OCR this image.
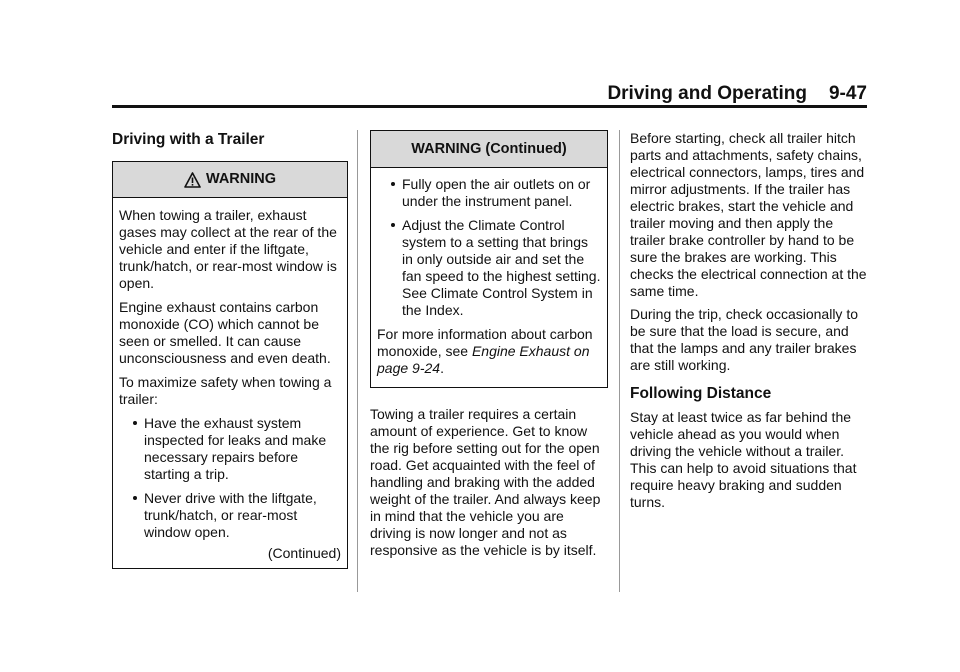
Driving and Operating 9-47
Driving with a Trailer
WARNING

When towing a trailer, exhaust gases may collect at the rear of the vehicle and enter if the liftgate, trunk/hatch, or rear-most window is open.

Engine exhaust contains carbon monoxide (CO) which cannot be seen or smelled. It can cause unconsciousness and even death.

To maximize safety when towing a trailer:

Have the exhaust system inspected for leaks and make necessary repairs before starting a trip.
Never drive with the liftgate, trunk/hatch, or rear-most window open.
(Continued)
WARNING (Continued)
Fully open the air outlets on or under the instrument panel.
Adjust the Climate Control system to a setting that brings in only outside air and set the fan speed to the highest setting. See Climate Control System in the Index.

For more information about carbon monoxide, see Engine Exhaust on page 9-24.

Towing a trailer requires a certain amount of experience. Get to know the rig before setting out for the open road. Get acquainted with the feel of handling and braking with the added weight of the trailer. And always keep in mind that the vehicle you are driving is now longer and not as responsive as the vehicle is by itself.

Before starting, check all trailer hitch parts and attachments, safety chains, electrical connectors, lamps, tires and mirror adjustments. If the trailer has electric brakes, start the vehicle and trailer moving and then apply the trailer brake controller by hand to be sure the brakes are working. This checks the electrical connection at the same time.

During the trip, check occasionally to be sure that the load is secure, and that the lamps and any trailer brakes are still working.

Following Distance

Stay at least twice as far behind the vehicle ahead as you would when driving the vehicle without a trailer. This can help to avoid situations that require heavy braking and sudden turns.
